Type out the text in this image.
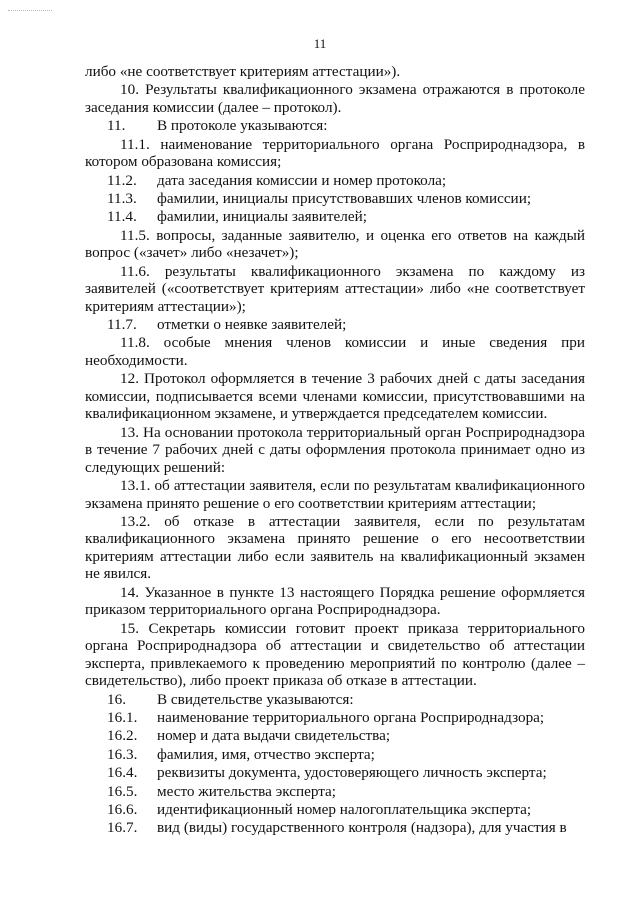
11
либо «не соответствует критериям аттестации»).
10. Результаты квалификационного экзамена отражаются в протоколе заседания комиссии (далее – протокол).
11.	В протоколе указываются:
11.1. наименование территориального органа Росприроднадзора, в котором образована комиссия;
11.2.	дата заседания комиссии и номер протокола;
11.3.	фамилии, инициалы присутствовавших членов комиссии;
11.4.	фамилии, инициалы заявителей;
11.5. вопросы, заданные заявителю, и оценка его ответов на каждый вопрос («зачет» либо «незачет»);
11.6. результаты квалификационного экзамена по каждому из заявителей («соответствует критериям аттестации» либо «не соответствует критериям аттестации»);
11.7.	отметки о неявке заявителей;
11.8. особые мнения членов комиссии и иные сведения при необходимости.
12. Протокол оформляется в течение 3 рабочих дней с даты заседания комиссии, подписывается всеми членами комиссии, присутствовавшими на квалификационном экзамене, и утверждается председателем комиссии.
13. На основании протокола территориальный орган Росприроднадзора в течение 7 рабочих дней с даты оформления протокола принимает одно из следующих решений:
13.1. об аттестации заявителя, если по результатам квалификационного экзамена принято решение о его соответствии критериям аттестации;
13.2. об отказе в аттестации заявителя, если по результатам квалификационного экзамена принято решение о его несоответствии критериям аттестации либо если заявитель на квалификационный экзамен не явился.
14. Указанное в пункте 13 настоящего Порядка решение оформляется приказом территориального органа Росприроднадзора.
15. Секретарь комиссии готовит проект приказа территориального органа Росприроднадзора об аттестации и свидетельство об аттестации эксперта, привлекаемого к проведению мероприятий по контролю (далее – свидетельство), либо проект приказа об отказе в аттестации.
16.	В свидетельстве указываются:
16.1.	наименование территориального органа Росприроднадзора;
16.2.	номер и дата выдачи свидетельства;
16.3.	фамилия, имя, отчество эксперта;
16.4.	реквизиты документа, удостоверяющего личность эксперта;
16.5.	место жительства эксперта;
16.6.	идентификационный номер налогоплательщика эксперта;
16.7.	вид (виды) государственного контроля (надзора), для участия в
